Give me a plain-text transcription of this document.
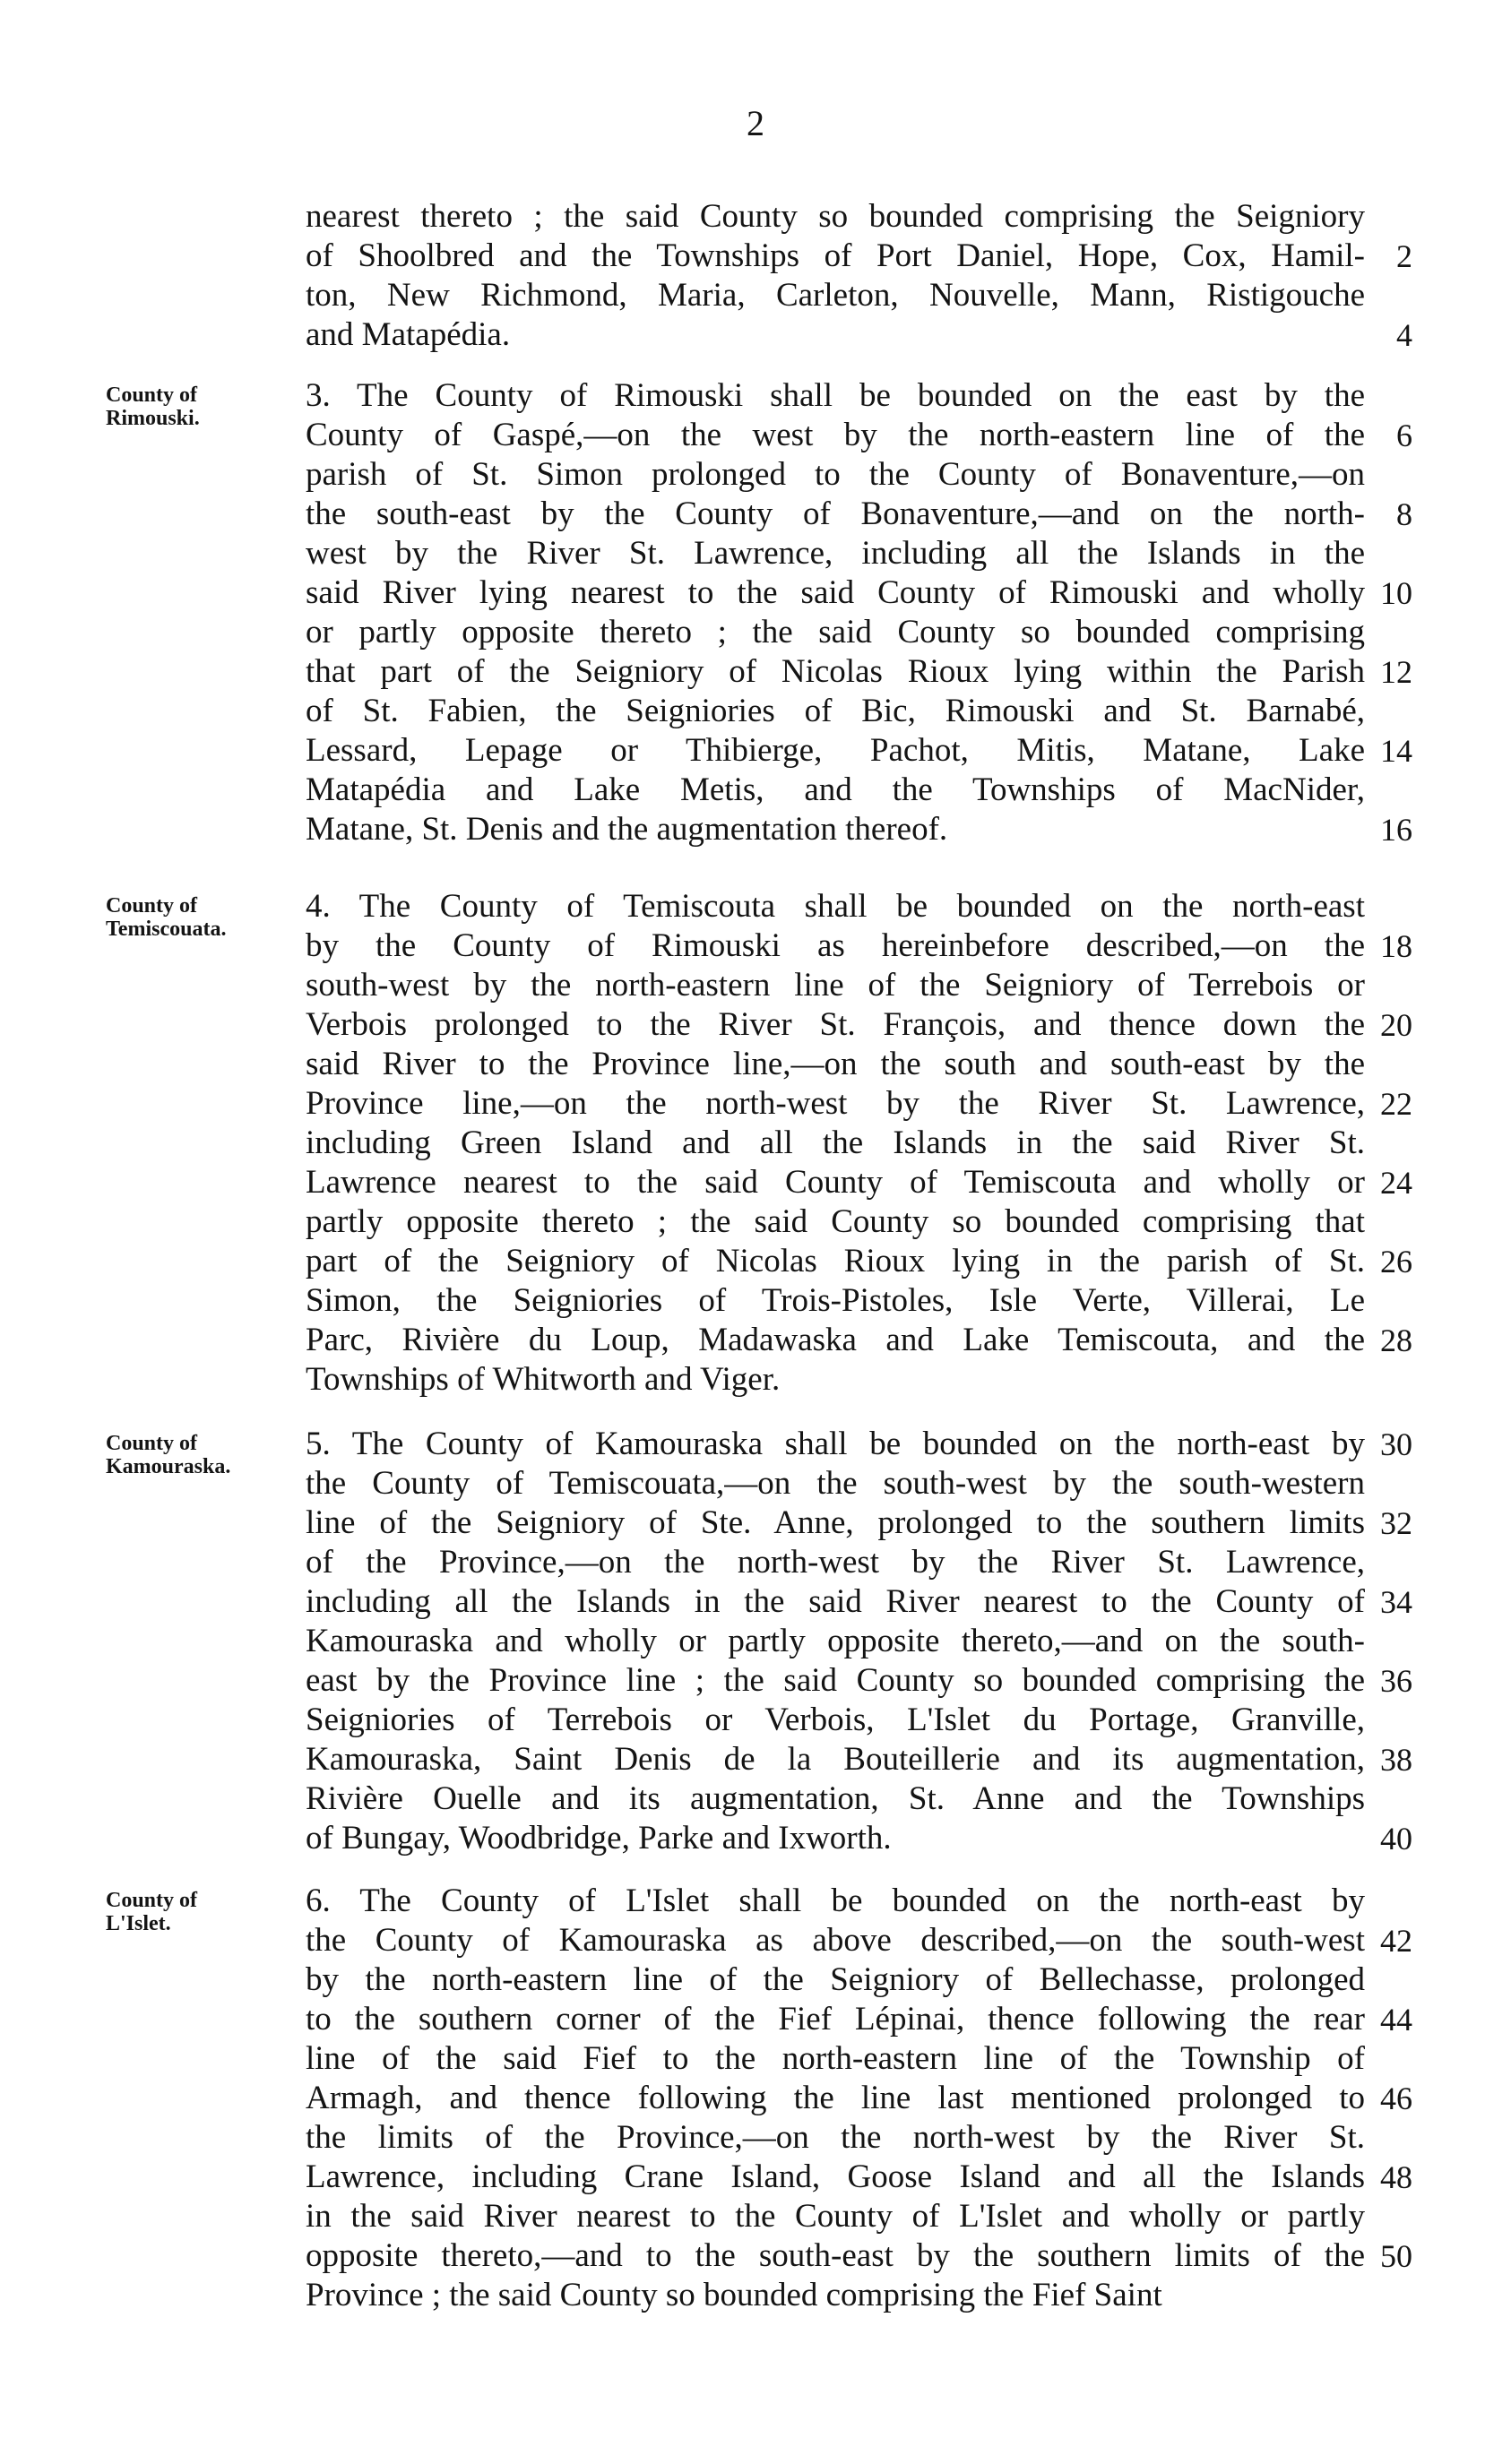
2
nearest thereto ; the said County so bounded comprising the Seigniory
of Shoolbred and the Townships of Port Daniel, Hope, Cox, Hamil- 2
ton, New Richmond, Maria, Carleton, Nouvelle, Mann, Ristigouche
and Matapédia.	4
County of
Rimouski.
3. The County of Rimouski shall be bounded on the east by the
County of Gaspé,—on the west by the north-eastern line of the 6
parish of St. Simon prolonged to the County of Bonaventure,—on
the south-east by the County of Bonaventure,—and on the north- 8
west by the River St. Lawrence, including all the Islands in the
said River lying nearest to the said County of Rimouski and wholly 10
or partly opposite thereto ; the said County so bounded comprising
that part of the Seigniory of Nicolas Rioux lying within the Parish 12
of St. Fabien, the Seigniories of Bic, Rimouski and St. Barnabé,
Lessard, Lepage or Thibierge, Pachot, Mitis, Matane, Lake 14
Matapédia and Lake Metis, and the Townships of MacNider,
Matane, St. Denis and the augmentation thereof.	16
County of
Temiscouata.
4. The County of Temiscouta shall be bounded on the north-east
by the County of Rimouski as hereinbefore described,—on the 18
south-west by the north-eastern line of the Seigniory of Terrebois or
Verbois prolonged to the River St. François, and thence down the 20
said River to the Province line,—on the south and south-east by the
Province line,—on the north-west by the River St. Lawrence, 22
including Green Island and all the Islands in the said River St.
Lawrence nearest to the said County of Temiscouta and wholly or 24
partly opposite thereto ; the said County so bounded comprising that
part of the Seigniory of Nicolas Rioux lying in the parish of St. 26
Simon, the Seigniories of Trois-Pistoles, Isle Verte, Villerai, Le
Parc, Rivière du Loup, Madawaska and Lake Temiscouta, and the 28
Townships of Whitworth and Viger.
County of
Kamouraska.
5. The County of Kamouraska shall be bounded on the north-east by 30
the County of Temiscouata,—on the south-west by the south-western
line of the Seigniory of Ste. Anne, prolonged to the southern limits 32
of the Province,—on the north-west by the River St. Lawrence,
including all the Islands in the said River nearest to the County of 34
Kamouraska and wholly or partly opposite thereto,—and on the south-
east by the Province line ; the said County so bounded comprising the 36
Seigniories of Terrebois or Verbois, L'Islet du Portage, Granville,
Kamouraska, Saint Denis de la Bouteillerie and its augmentation, 38
Rivière Ouelle and its augmentation, St. Anne and the Townships
of Bungay, Woodbridge, Parke and Ixworth.	40
County of
L'Islet.
6. The County of L'Islet shall be bounded on the north-east by
the County of Kamouraska as above described,—on the south-west 42
by the north-eastern line of the Seigniory of Bellechasse, prolonged
to the southern corner of the Fief Lépinai, thence following the rear 44
line of the said Fief to the north-eastern line of the Township of
Armagh, and thence following the line last mentioned prolonged to 46
the limits of the Province,—on the north-west by the River St.
Lawrence, including Crane Island, Goose Island and all the Islands 48
in the said River nearest to the County of L'Islet and wholly or partly
opposite thereto,—and to the south-east by the southern limits of the 50
Province ; the said County so bounded comprising the Fief Saint
